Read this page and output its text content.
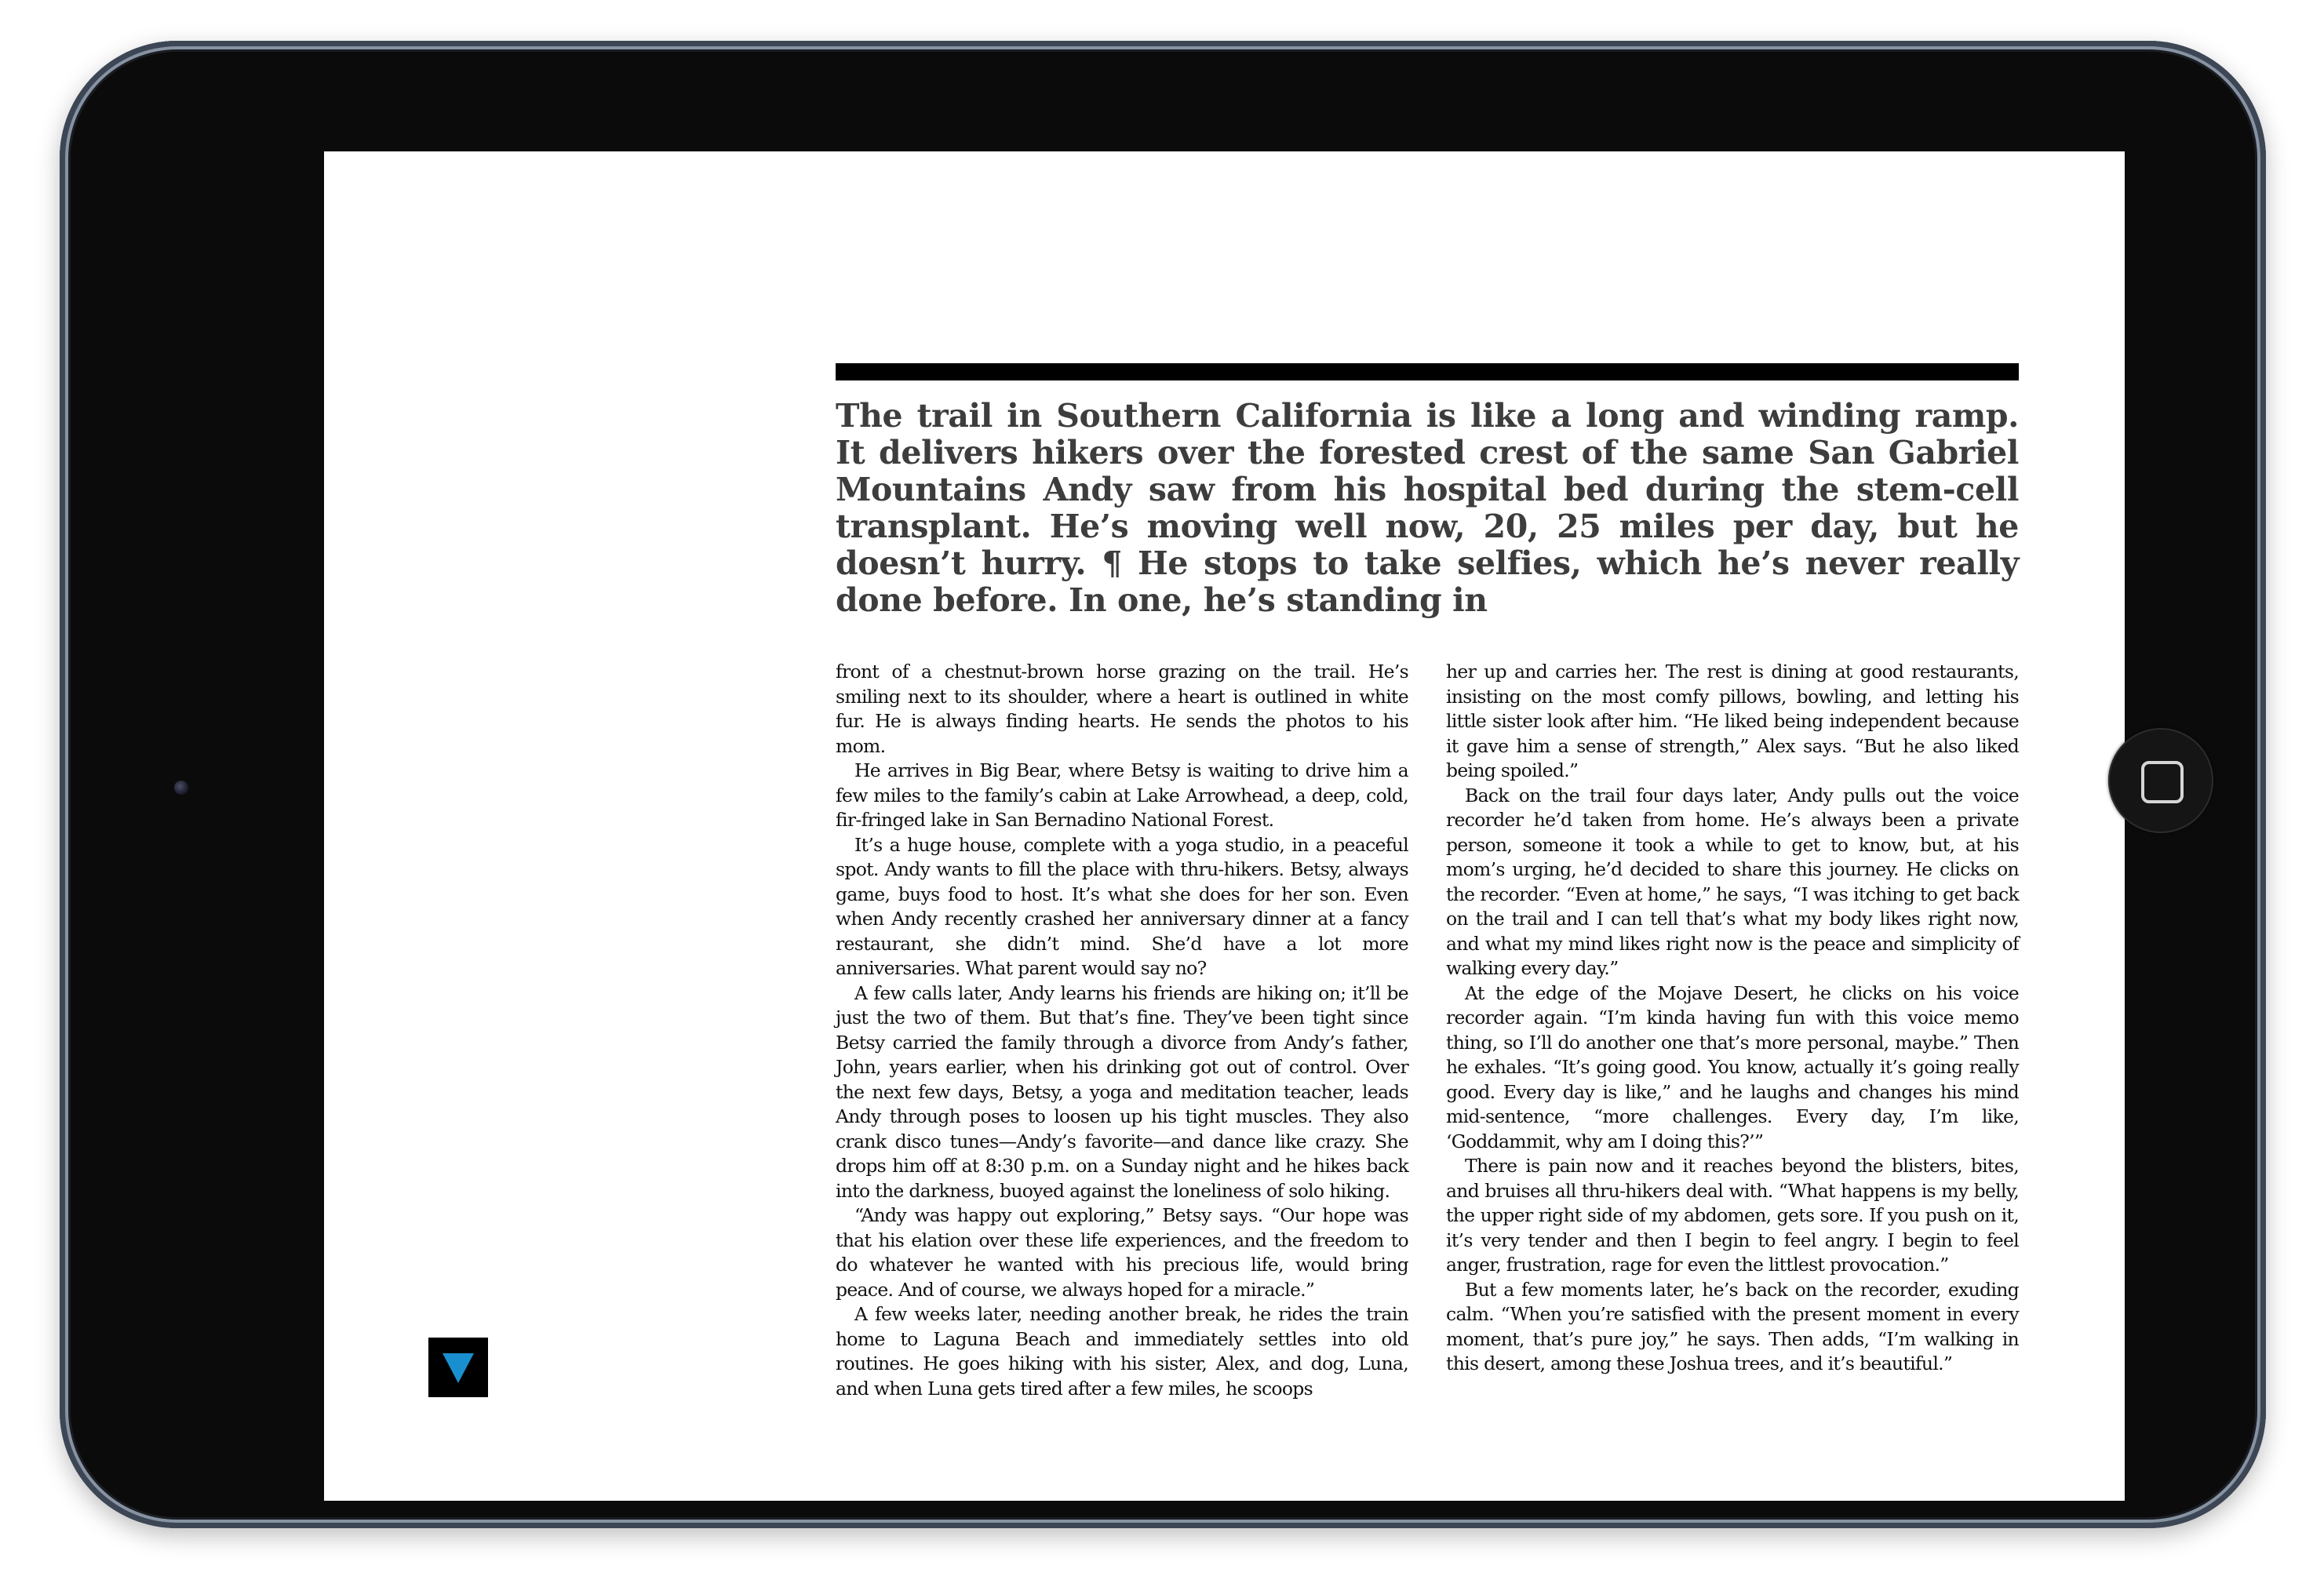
The trail in Southern California is like a long and winding ramp. It delivers hikers over the forested crest of the same San Gabriel Mountains Andy saw from his hospital bed during the stem-cell transplant. He’s moving well now, 20, 25 miles per day, but he doesn’t hurry. ¶ He stops to take selfies, which he’s never really done before. In one, he’s standing in

front of a chestnut-brown horse grazing on the trail. He’s smiling next to its shoulder, where a heart is outlined in white fur. He is always finding hearts. He sends the photos to his mom.

He arrives in Big Bear, where Betsy is waiting to drive him a few miles to the family’s cabin at Lake Arrowhead, a deep, cold, fir-fringed lake in San Bernadino National Forest.

It’s a huge house, complete with a yoga studio, in a peaceful spot. Andy wants to fill the place with thru-hikers. Betsy, always game, buys food to host. It’s what she does for her son. Even when Andy recently crashed her anniversary dinner at a fancy restaurant, she didn’t mind. She’d have a lot more anniversaries. What parent would say no?

A few calls later, Andy learns his friends are hiking on; it’ll be just the two of them. But that’s fine. They’ve been tight since Betsy carried the family through a divorce from Andy’s father, John, years earlier, when his drinking got out of control. Over the next few days, Betsy, a yoga and meditation teacher, leads Andy through poses to loosen up his tight muscles. They also crank disco tunes—Andy’s favorite—and dance like crazy. She drops him off at 8:30 p.m. on a Sunday night and he hikes back into the darkness, buoyed against the loneliness of solo hiking.

“Andy was happy out exploring,” Betsy says. “Our hope was that his elation over these life experiences, and the freedom to do whatever he wanted with his precious life, would bring peace. And of course, we always hoped for a miracle.”

A few weeks later, needing another break, he rides the train home to Laguna Beach and immediately settles into old routines. He goes hiking with his sister, Alex, and dog, Luna, and when Luna gets tired after a few miles, he scoops

her up and carries her. The rest is dining at good restaurants, insisting on the most comfy pillows, bowling, and letting his little sister look after him. “He liked being independent because it gave him a sense of strength,” Alex says. “But he also liked being spoiled.”

Back on the trail four days later, Andy pulls out the voice recorder he’d taken from home. He’s always been a private person, someone it took a while to get to know, but, at his mom’s urging, he’d decided to share this journey. He clicks on the recorder. “Even at home,” he says, “I was itching to get back on the trail and I can tell that’s what my body likes right now, and what my mind likes right now is the peace and simplicity of walking every day.”

At the edge of the Mojave Desert, he clicks on his voice recorder again. “I’m kinda having fun with this voice memo thing, so I’ll do another one that’s more personal, maybe.” Then he exhales. “It’s going good. You know, actually it’s going really good. Every day is like,” and he laughs and changes his mind mid-sentence, “more challenges. Every day, I’m like, ‘Goddammit, why am I doing this?’”

There is pain now and it reaches beyond the blisters, bites, and bruises all thru-hikers deal with. “What happens is my belly, the upper right side of my abdomen, gets sore. If you push on it, it’s very tender and then I begin to feel angry. I begin to feel anger, frustration, rage for even the littlest provocation.”

But a few moments later, he’s back on the recorder, exuding calm. “When you’re satisfied with the present moment in every moment, that’s pure joy,” he says. Then adds, “I’m walking in this desert, among these Joshua trees, and it’s beautiful.”
